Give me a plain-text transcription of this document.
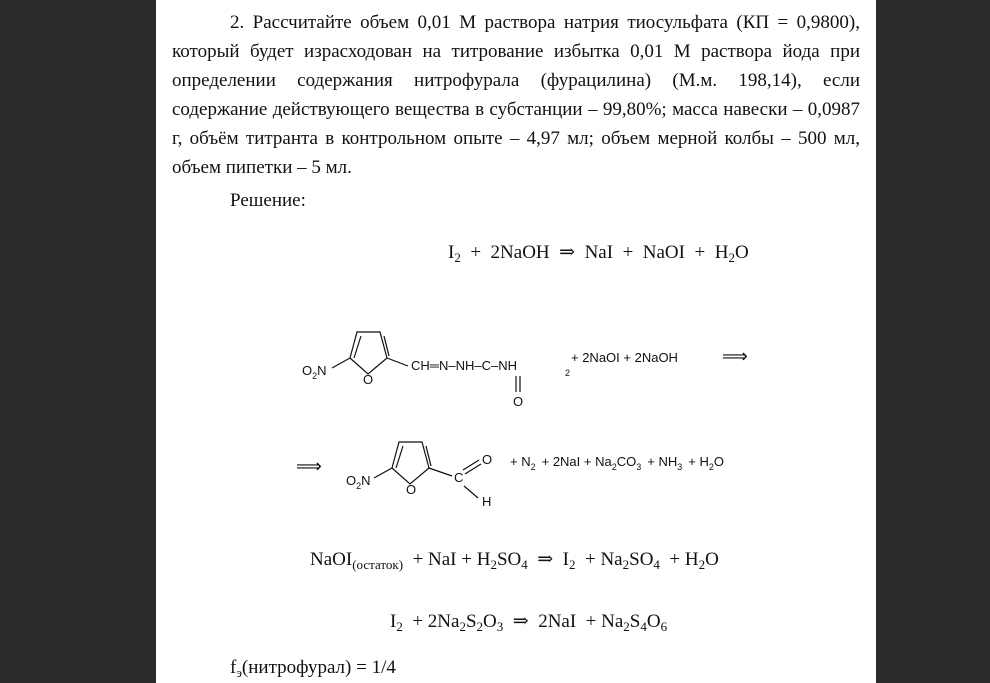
2. Рассчитайте объем 0,01 М раствора натрия тиосульфата (КП = 0,9800), который будет израсходован на титрование избытка 0,01 М раствора йода при определении содержания нитрофурала (фурацилина) (М.м. 198,14), если содержание действующего вещества в субстанции – 99,80%; масса навески – 0,0987 г, объём титранта в контрольном опыте – 4,97 мл; объем мерной колбы – 500 мл, объем пипетки – 5 мл.
Решение:
$I_2$ + 2NaOH ⇒ NaI + NaOI + $H_2O$
$O_2N$
O
CH═N–NH–C–NH	2
O
+ 2NaOI + 2NaOH ⟹
⟹
$O_2N$
O
C
O
H
+ $N_2 + 2NaI + Na_2CO_3 + NH_3 + H_2O$
NaOI$_{(остаток)}$ + NaI + $H_2SO_4$ ⇒ $I_2 + Na_2SO_4 + H_2O$
$I_2 + 2Na_2S_2O_3$ ⇒ $2NaI + Na_2S_4O_6$
$f_э(нитрофурал) = 1/4$
